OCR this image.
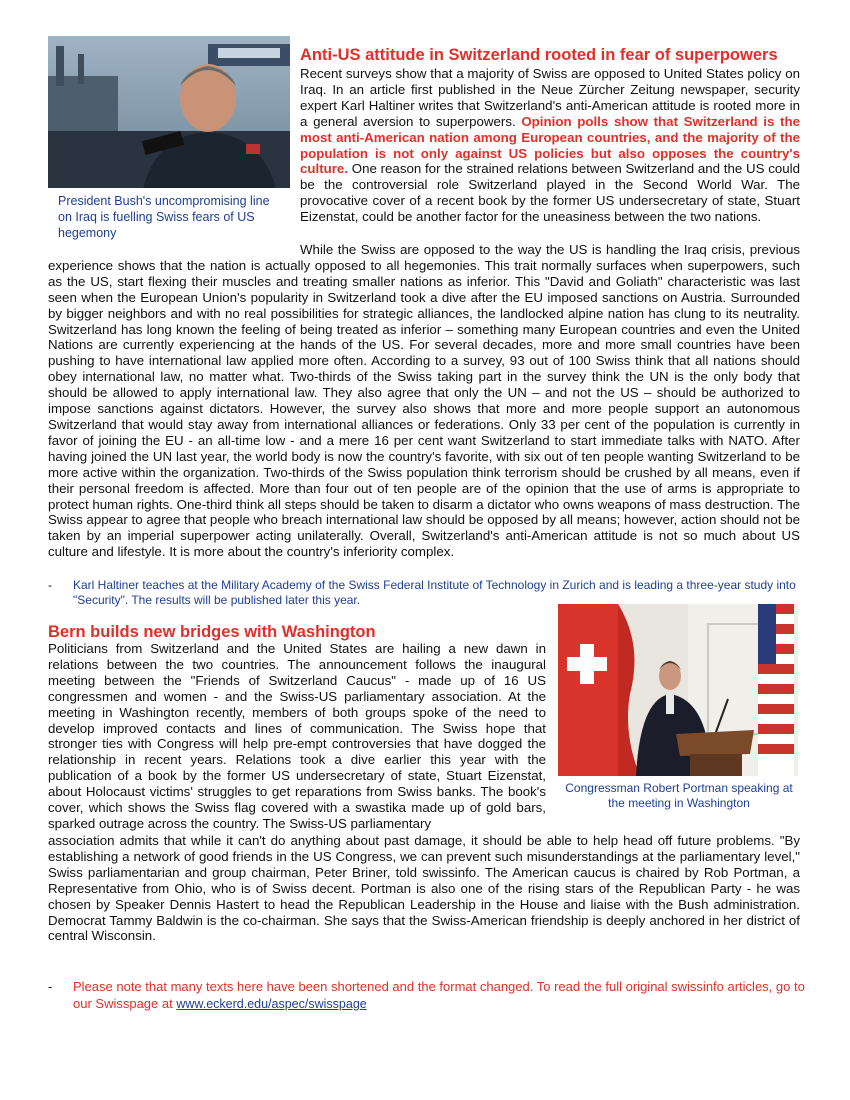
President Bush's uncompromising line on Iraq is fuelling Swiss fears of US hegemony
Anti-US attitude in Switzerland rooted in fear of superpowers
Recent surveys show that a majority of Swiss are opposed to United States policy on Iraq. In an article first published in the Neue Zürcher Zeitung newspaper, security expert Karl Haltiner writes that Switzerland's anti-American attitude is rooted more in a general aversion to superpowers. Opinion polls show that Switzerland is the most anti-American nation among European countries, and the majority of the population is not only against US policies but also opposes the country's culture. One reason for the strained relations between Switzerland and the US could be the controversial role Switzerland played in the Second World War. The provocative cover of a recent book by the former US undersecretary of state, Stuart Eizenstat, could be another factor for the uneasiness between the two nations.
While the Swiss are opposed to the way the US is handling the Iraq crisis, previous experience shows that the nation is actually opposed to all hegemonies. This trait normally surfaces when superpowers, such as the US, start flexing their muscles and treating smaller nations as inferior. This "David and Goliath" characteristic was last seen when the European Union's popularity in Switzerland took a dive after the EU imposed sanctions on Austria. Surrounded by bigger neighbors and with no real possibilities for strategic alliances, the landlocked alpine nation has clung to its neutrality. Switzerland has long known the feeling of being treated as inferior – something many European countries and even the United Nations are currently experiencing at the hands of the US. For several decades, more and more small countries have been pushing to have international law applied more often. According to a survey, 93 out of 100 Swiss think that all nations should obey international law, no matter what. Two-thirds of the Swiss taking part in the survey think the UN is the only body that should be allowed to apply international law. They also agree that only the UN – and not the US – should be authorized to impose sanctions against dictators. However, the survey also shows that more and more people support an autonomous Switzerland that would stay away from international alliances or federations. Only 33 per cent of the population is currently in favor of joining the EU - an all-time low - and a mere 16 per cent want Switzerland to start immediate talks with NATO. After having joined the UN last year, the world body is now the country's favorite, with six out of ten people wanting Switzerland to be more active within the organization. Two-thirds of the Swiss population think terrorism should be crushed by all means, even if their personal freedom is affected. More than four out of ten people are of the opinion that the use of arms is appropriate to protect human rights. One-third think all steps should be taken to disarm a dictator who owns weapons of mass destruction. The Swiss appear to agree that people who breach international law should be opposed by all means; however, action should not be taken by an imperial superpower acting unilaterally. Overall, Switzerland's anti-American attitude is not so much about US culture and lifestyle. It is more about the country's inferiority complex.
- Karl Haltiner teaches at the Military Academy of the Swiss Federal Institute of Technology in Zurich and is leading a three-year study into "Security". The results will be published later this year.
Bern builds new bridges with Washington
Politicians from Switzerland and the United States are hailing a new dawn in relations between the two countries. The announcement follows the inaugural meeting between the "Friends of Switzerland Caucus" - made up of 16 US congressmen and women - and the Swiss-US parliamentary association. At the meeting in Washington recently, members of both groups spoke of the need to develop improved contacts and lines of communication. The Swiss hope that stronger ties with Congress will help pre-empt controversies that have dogged the relationship in recent years. Relations took a dive earlier this year with the publication of a book by the former US undersecretary of state, Stuart Eizenstat, about Holocaust victims' struggles to get reparations from Swiss banks. The book's cover, which shows the Swiss flag covered with a swastika made up of gold bars, sparked outrage across the country. The Swiss-US parliamentary
Congressman Robert Portman speaking at the meeting in Washington
association admits that while it can't do anything about past damage, it should be able to help head off future problems. "By establishing a network of good friends in the US Congress, we can prevent such misunderstandings at the parliamentary level," Swiss parliamentarian and group chairman, Peter Briner, told swissinfo. The American caucus is chaired by Rob Portman, a Representative from Ohio, who is of Swiss decent. Portman is also one of the rising stars of the Republican Party - he was chosen by Speaker Dennis Hastert to head the Republican Leadership in the House and liaise with the Bush administration. Democrat Tammy Baldwin is the co-chairman. She says that the Swiss-American friendship is deeply anchored in her district of central Wisconsin.
- Please note that many texts here have been shortened and the format changed. To read the full original swissinfo articles, go to our Swisspage at www.eckerd.edu/aspec/swisspage
